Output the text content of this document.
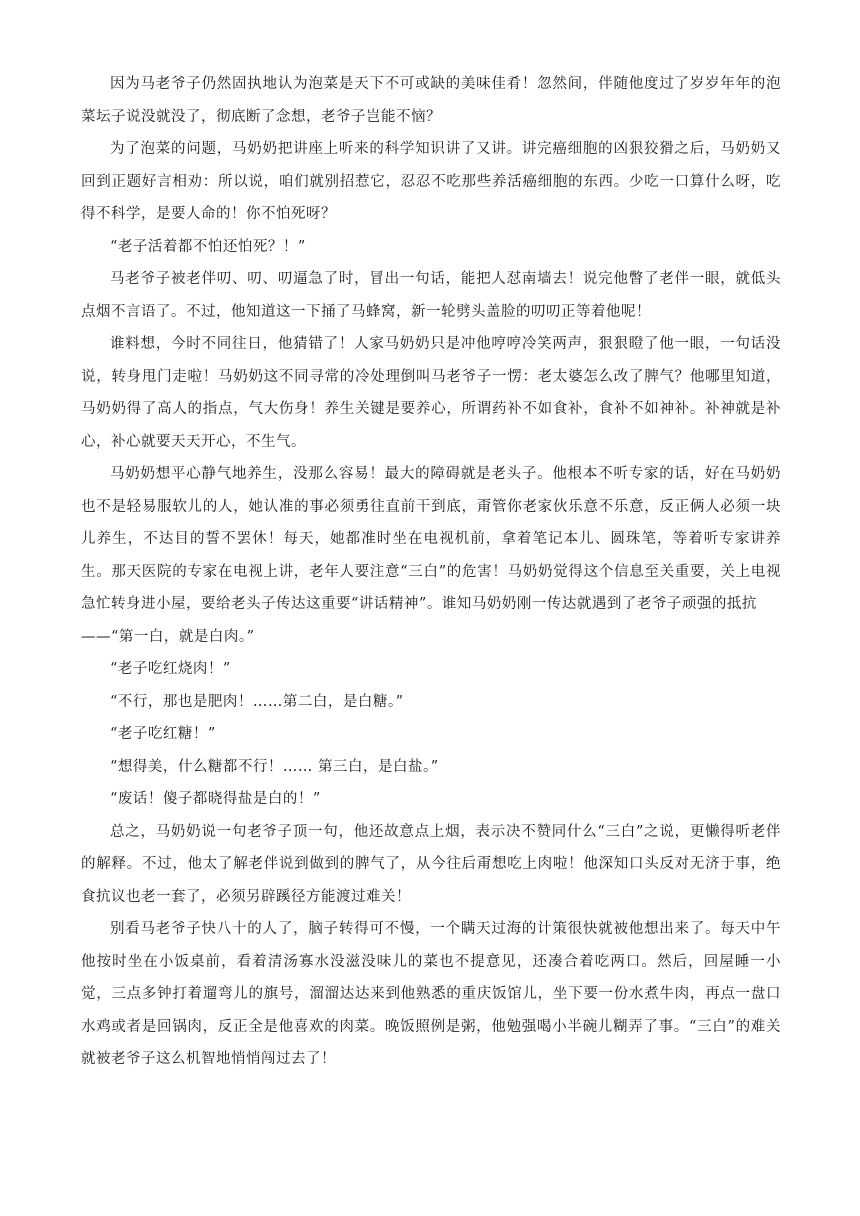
因为马老爷子仍然固执地认为泡菜是天下不可或缺的美味佳肴！忽然间，伴随他度过了岁岁年年的泡菜坛子说没就没了，彻底断了念想，老爷子岂能不恼？

为了泡菜的问题，马奶奶把讲座上听来的科学知识讲了又讲。讲完癌细胞的凶狠狡猾之后，马奶奶又回到正题好言相劝：所以说，咱们就别招惹它，忍忍不吃那些养活癌细胞的东西。少吃一口算什么呀，吃得不科学，是要人命的！你不怕死呀？

“老子活着都不怕还怕死？！”

马老爷子被老伴叨、叨、叨逼急了时，冒出一句话，能把人怼南墙去！说完他瞥了老伴一眼，就低头点烟不言语了。不过，他知道这一下捅了马蜂窝，新一轮劈头盖脸的叨叨正等着他呢！

谁料想，今时不同往日，他猜错了！人家马奶奶只是冲他哼哼冷笑两声，狠狠瞪了他一眼，一句话没说，转身甩门走啦！马奶奶这不同寻常的冷处理倒叫马老爷子一愣：老太婆怎么改了脾气？他哪里知道，马奶奶得了高人的指点，气大伤身！养生关键是要养心，所谓药补不如食补，食补不如神补。补神就是补心，补心就要天天开心，不生气。

马奶奶想平心静气地养生，没那么容易！最大的障碍就是老头子。他根本不听专家的话，好在马奶奶也不是轻易服软儿的人，她认准的事必须勇往直前干到底，甭管你老家伙乐意不乐意，反正俩人必须一块儿养生，不达目的誓不罢休！每天，她都准时坐在电视机前，拿着笔记本儿、圆珠笔，等着听专家讲养生。那天医院的专家在电视上讲，老年人要注意“三白”的危害！马奶奶觉得这个信息至关重要，关上电视急忙转身进小屋，要给老头子传达这重要“讲话精神”。谁知马奶奶刚一传达就遇到了老爷子顽强的抵抗

——“第一白，就是白肉。”

“老子吃红烧肉！”

“不行，那也是肥肉！……第二白，是白糖。”

“老子吃红糖！”

“想得美，什么糖都不行！…… 第三白，是白盐。”

“废话！傻子都晓得盐是白的！”

总之，马奶奶说一句老爷子顶一句，他还故意点上烟，表示决不赞同什么“三白”之说，更懒得听老伴的解释。不过，他太了解老伴说到做到的脾气了，从今往后甭想吃上肉啦！他深知口头反对无济于事，绝食抗议也老一套了，必须另辟蹊径方能渡过难关！

别看马老爷子快八十的人了，脑子转得可不慢，一个瞒天过海的计策很快就被他想出来了。每天中午他按时坐在小饭桌前，看着清汤寡水没滋没味儿的菜也不提意见，还凑合着吃两口。然后，回屋睡一小觉，三点多钟打着遛弯儿的旗号，溜溜达达来到他熟悉的重庆饭馆儿，坐下要一份水煮牛肉，再点一盘口水鸡或者是回锅肉，反正全是他喜欢的肉菜。晚饭照例是粥，他勉强喝小半碗儿糊弄了事。“三白”的难关就被老爷子这么机智地悄悄闯过去了！
